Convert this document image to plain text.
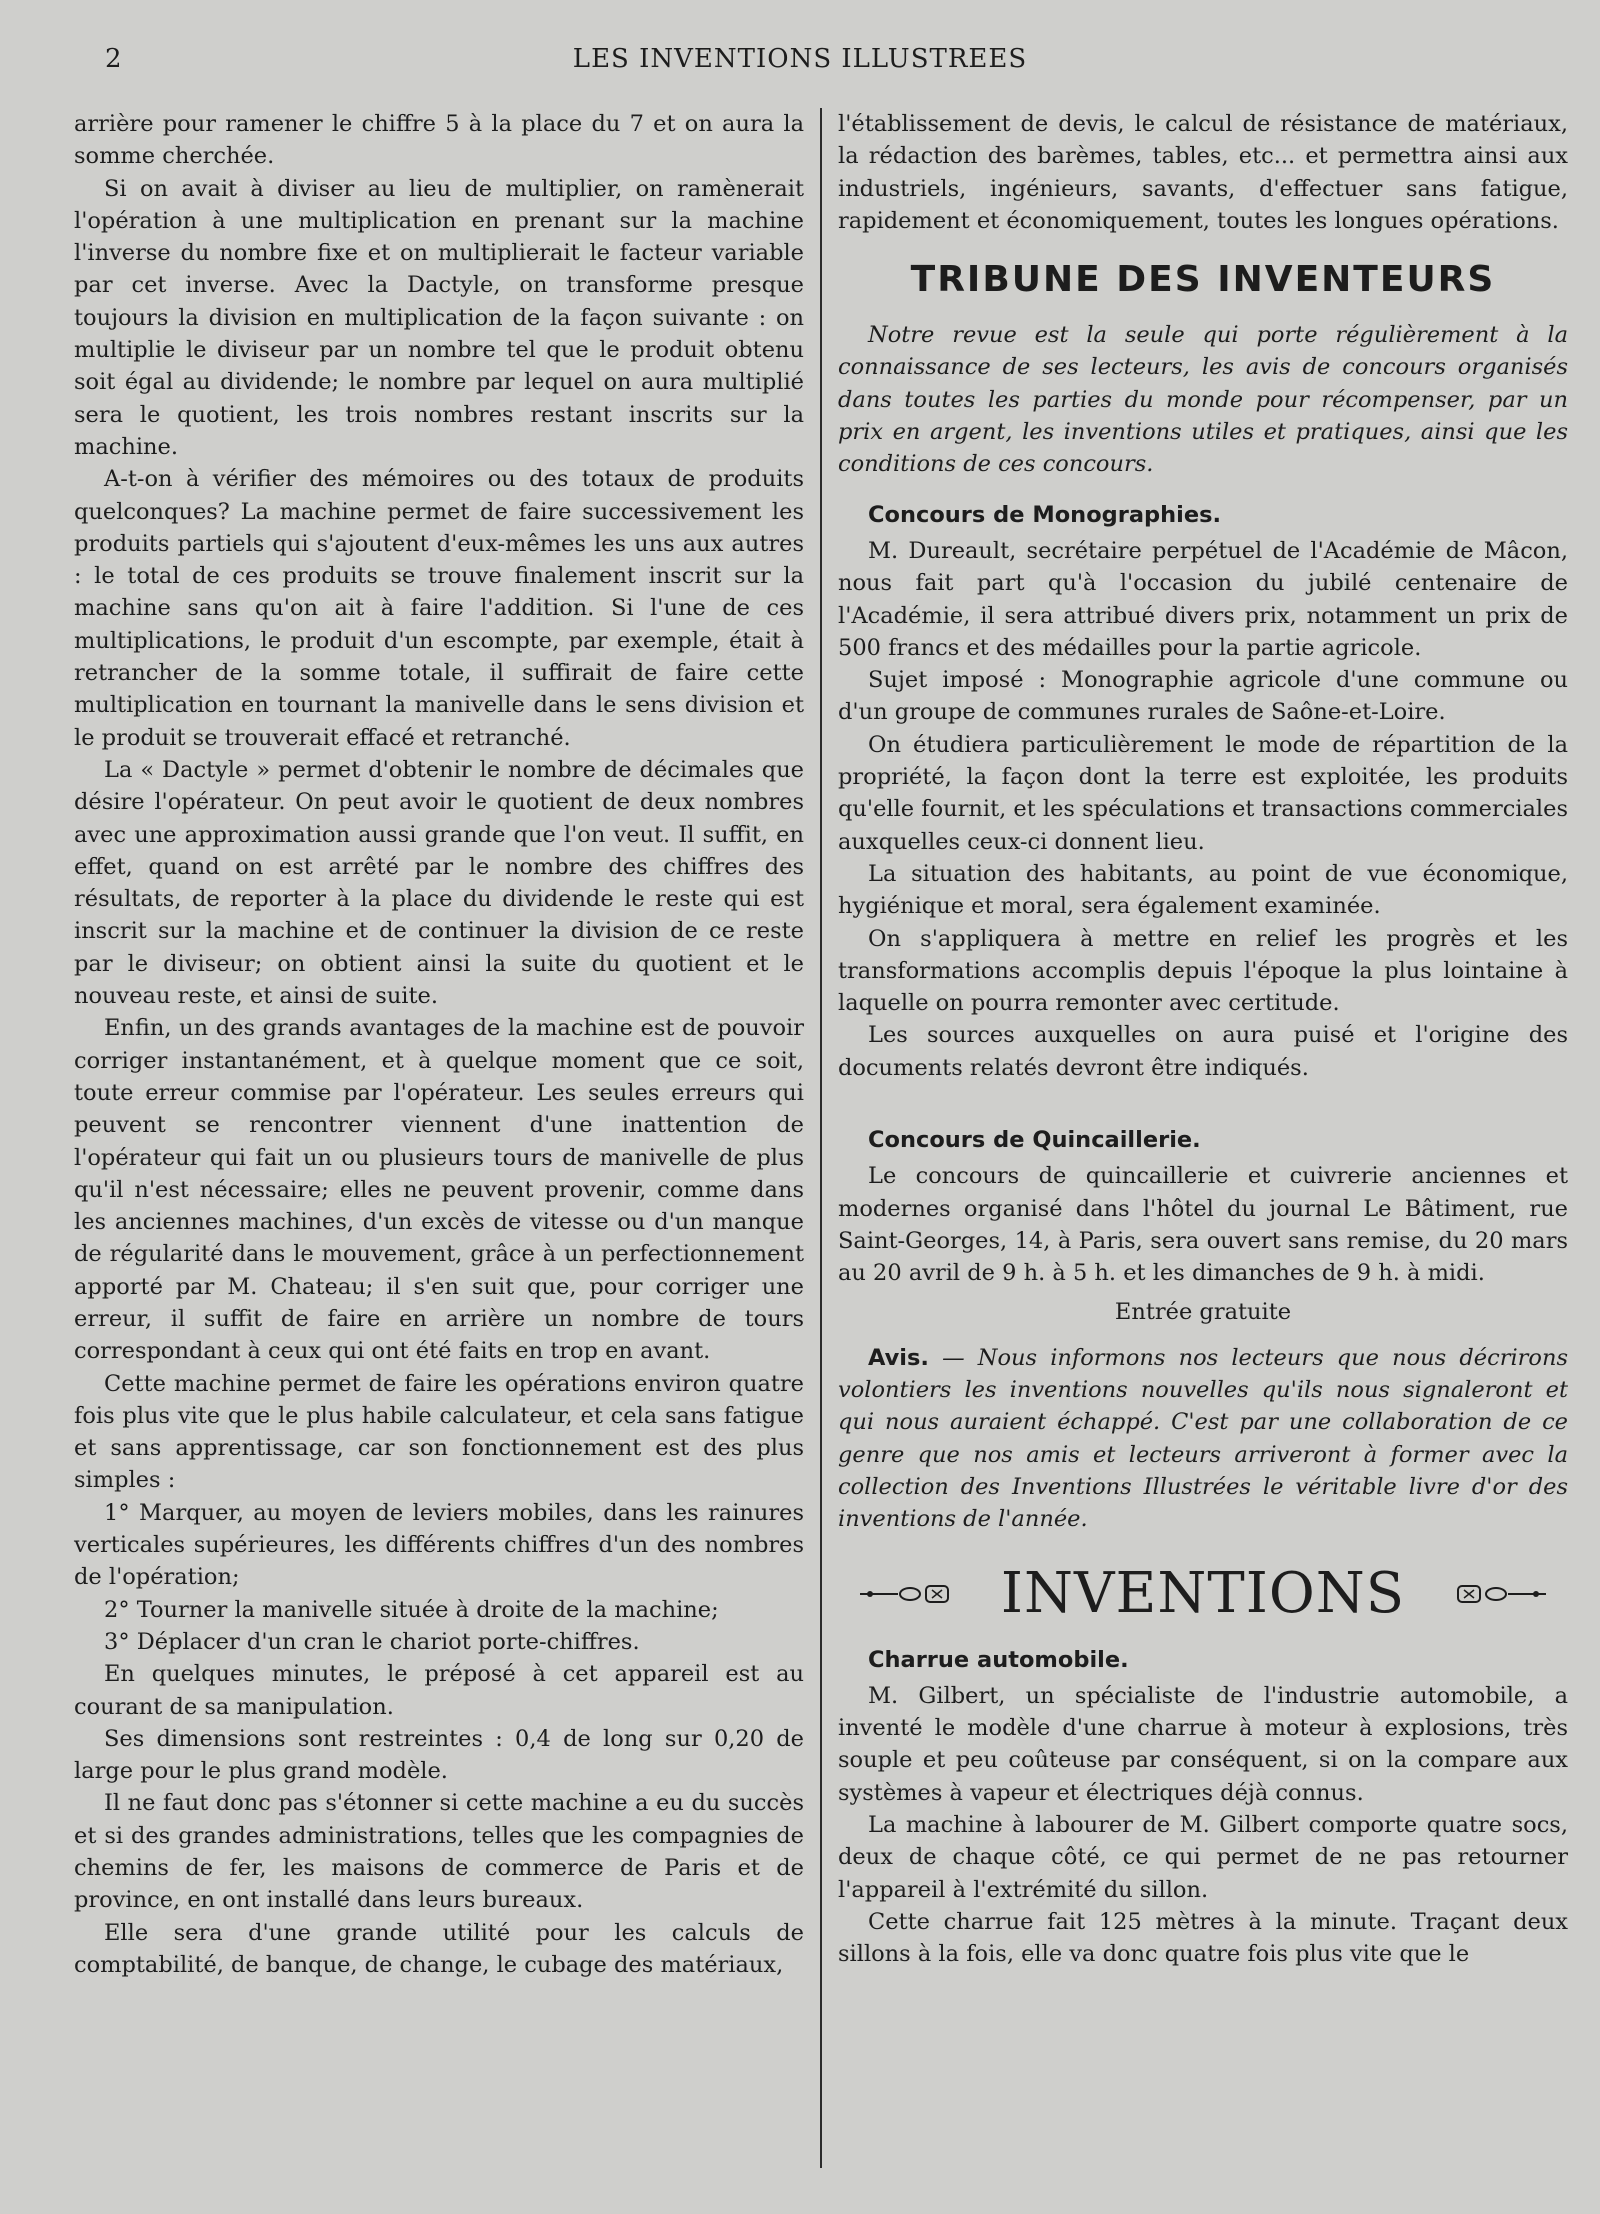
2	LES INVENTIONS ILLUSTREES

arrière pour ramener le chiffre 5 à la place du 7 et on aura la somme cherchée.

Si on avait à diviser au lieu de multiplier, on ramènerait l'opération à une multiplication en prenant sur la machine l'inverse du nombre fixe et on multiplierait le facteur variable par cet inverse. Avec la Dactyle, on transforme presque toujours la division en multiplication de la façon suivante : on multiplie le diviseur par un nombre tel que le produit obtenu soit égal au dividende; le nombre par lequel on aura multiplié sera le quotient, les trois nombres restant inscrits sur la machine.

A-t-on à vérifier des mémoires ou des totaux de produits quelconques? La machine permet de faire successivement les produits partiels qui s'ajoutent d'eux-mêmes les uns aux autres : le total de ces produits se trouve finalement inscrit sur la machine sans qu'on ait à faire l'addition. Si l'une de ces multiplications, le produit d'un escompte, par exemple, était à retrancher de la somme totale, il suffirait de faire cette multiplication en tournant la manivelle dans le sens division et le produit se trouverait effacé et retranché.

La « Dactyle » permet d'obtenir le nombre de décimales que désire l'opérateur. On peut avoir le quotient de deux nombres avec une approximation aussi grande que l'on veut. Il suffit, en effet, quand on est arrêté par le nombre des chiffres des résultats, de reporter à la place du dividende le reste qui est inscrit sur la machine et de continuer la division de ce reste par le diviseur; on obtient ainsi la suite du quotient et le nouveau reste, et ainsi de suite.

Enfin, un des grands avantages de la machine est de pouvoir corriger instantanément, et à quelque moment que ce soit, toute erreur commise par l'opérateur. Les seules erreurs qui peuvent se rencontrer viennent d'une inattention de l'opérateur qui fait un ou plusieurs tours de manivelle de plus qu'il n'est nécessaire; elles ne peuvent provenir, comme dans les anciennes machines, d'un excès de vitesse ou d'un manque de régularité dans le mouvement, grâce à un perfectionnement apporté par M. Chateau; il s'en suit que, pour corriger une erreur, il suffit de faire en arrière un nombre de tours correspondant à ceux qui ont été faits en trop en avant.

Cette machine permet de faire les opérations environ quatre fois plus vite que le plus habile calculateur, et cela sans fatigue et sans apprentissage, car son fonctionnement est des plus simples :

1° Marquer, au moyen de leviers mobiles, dans les rainures verticales supérieures, les différents chiffres d'un des nombres de l'opération;

2° Tourner la manivelle située à droite de la machine;

3° Déplacer d'un cran le chariot porte-chiffres.

En quelques minutes, le préposé à cet appareil est au courant de sa manipulation.

Ses dimensions sont restreintes : 0,4 de long sur 0,20 de large pour le plus grand modèle.

Il ne faut donc pas s'étonner si cette machine a eu du succès et si des grandes administrations, telles que les compagnies de chemins de fer, les maisons de commerce de Paris et de province, en ont installé dans leurs bureaux.

Elle sera d'une grande utilité pour les calculs de comptabilité, de banque, de change, le cubage des matériaux,

l'établissement de devis, le calcul de résistance de matériaux, la rédaction des barèmes, tables, etc... et permettra ainsi aux industriels, ingénieurs, savants, d'effectuer sans fatigue, rapidement et économiquement, toutes les longues opérations.

TRIBUNE DES INVENTEURS

Notre revue est la seule qui porte régulièrement à la connaissance de ses lecteurs, les avis de concours organisés dans toutes les parties du monde pour récompenser, par un prix en argent, les inventions utiles et pratiques, ainsi que les conditions de ces concours.

Concours de Monographies.

M. Dureault, secrétaire perpétuel de l'Académie de Mâcon, nous fait part qu'à l'occasion du jubilé centenaire de l'Académie, il sera attribué divers prix, notamment un prix de 500 francs et des médailles pour la partie agricole.

Sujet imposé : Monographie agricole d'une commune ou d'un groupe de communes rurales de Saône-et-Loire.

On étudiera particulièrement le mode de répartition de la propriété, la façon dont la terre est exploitée, les produits qu'elle fournit, et les spéculations et transactions commerciales auxquelles ceux-ci donnent lieu.

La situation des habitants, au point de vue économique, hygiénique et moral, sera également examinée.

On s'appliquera à mettre en relief les progrès et les transformations accomplis depuis l'époque la plus lointaine à laquelle on pourra remonter avec certitude.

Les sources auxquelles on aura puisé et l'origine des documents relatés devront être indiqués.

Concours de Quincaillerie.

Le concours de quincaillerie et cuivrerie anciennes et modernes organisé dans l'hôtel du journal Le Bâtiment, rue Saint-Georges, 14, à Paris, sera ouvert sans remise, du 20 mars au 20 avril de 9 h. à 5 h. et les dimanches de 9 h. à midi.

Entrée gratuite

Avis. — Nous informons nos lecteurs que nous décrirons volontiers les inventions nouvelles qu'ils nous signaleront et qui nous auraient échappé. C'est par une collaboration de ce genre que nos amis et lecteurs arriveront à former avec la collection des Inventions Illustrées le véritable livre d'or des inventions de l'année.

INVENTIONS
Charrue automobile.

M. Gilbert, un spécialiste de l'industrie automobile, a inventé le modèle d'une charrue à moteur à explosions, très souple et peu coûteuse par conséquent, si on la compare aux systèmes à vapeur et électriques déjà connus.

La machine à labourer de M. Gilbert comporte quatre socs, deux de chaque côté, ce qui permet de ne pas retourner l'appareil à l'extrémité du sillon.

Cette charrue fait 125 mètres à la minute. Traçant deux sillons à la fois, elle va donc quatre fois plus vite que le
